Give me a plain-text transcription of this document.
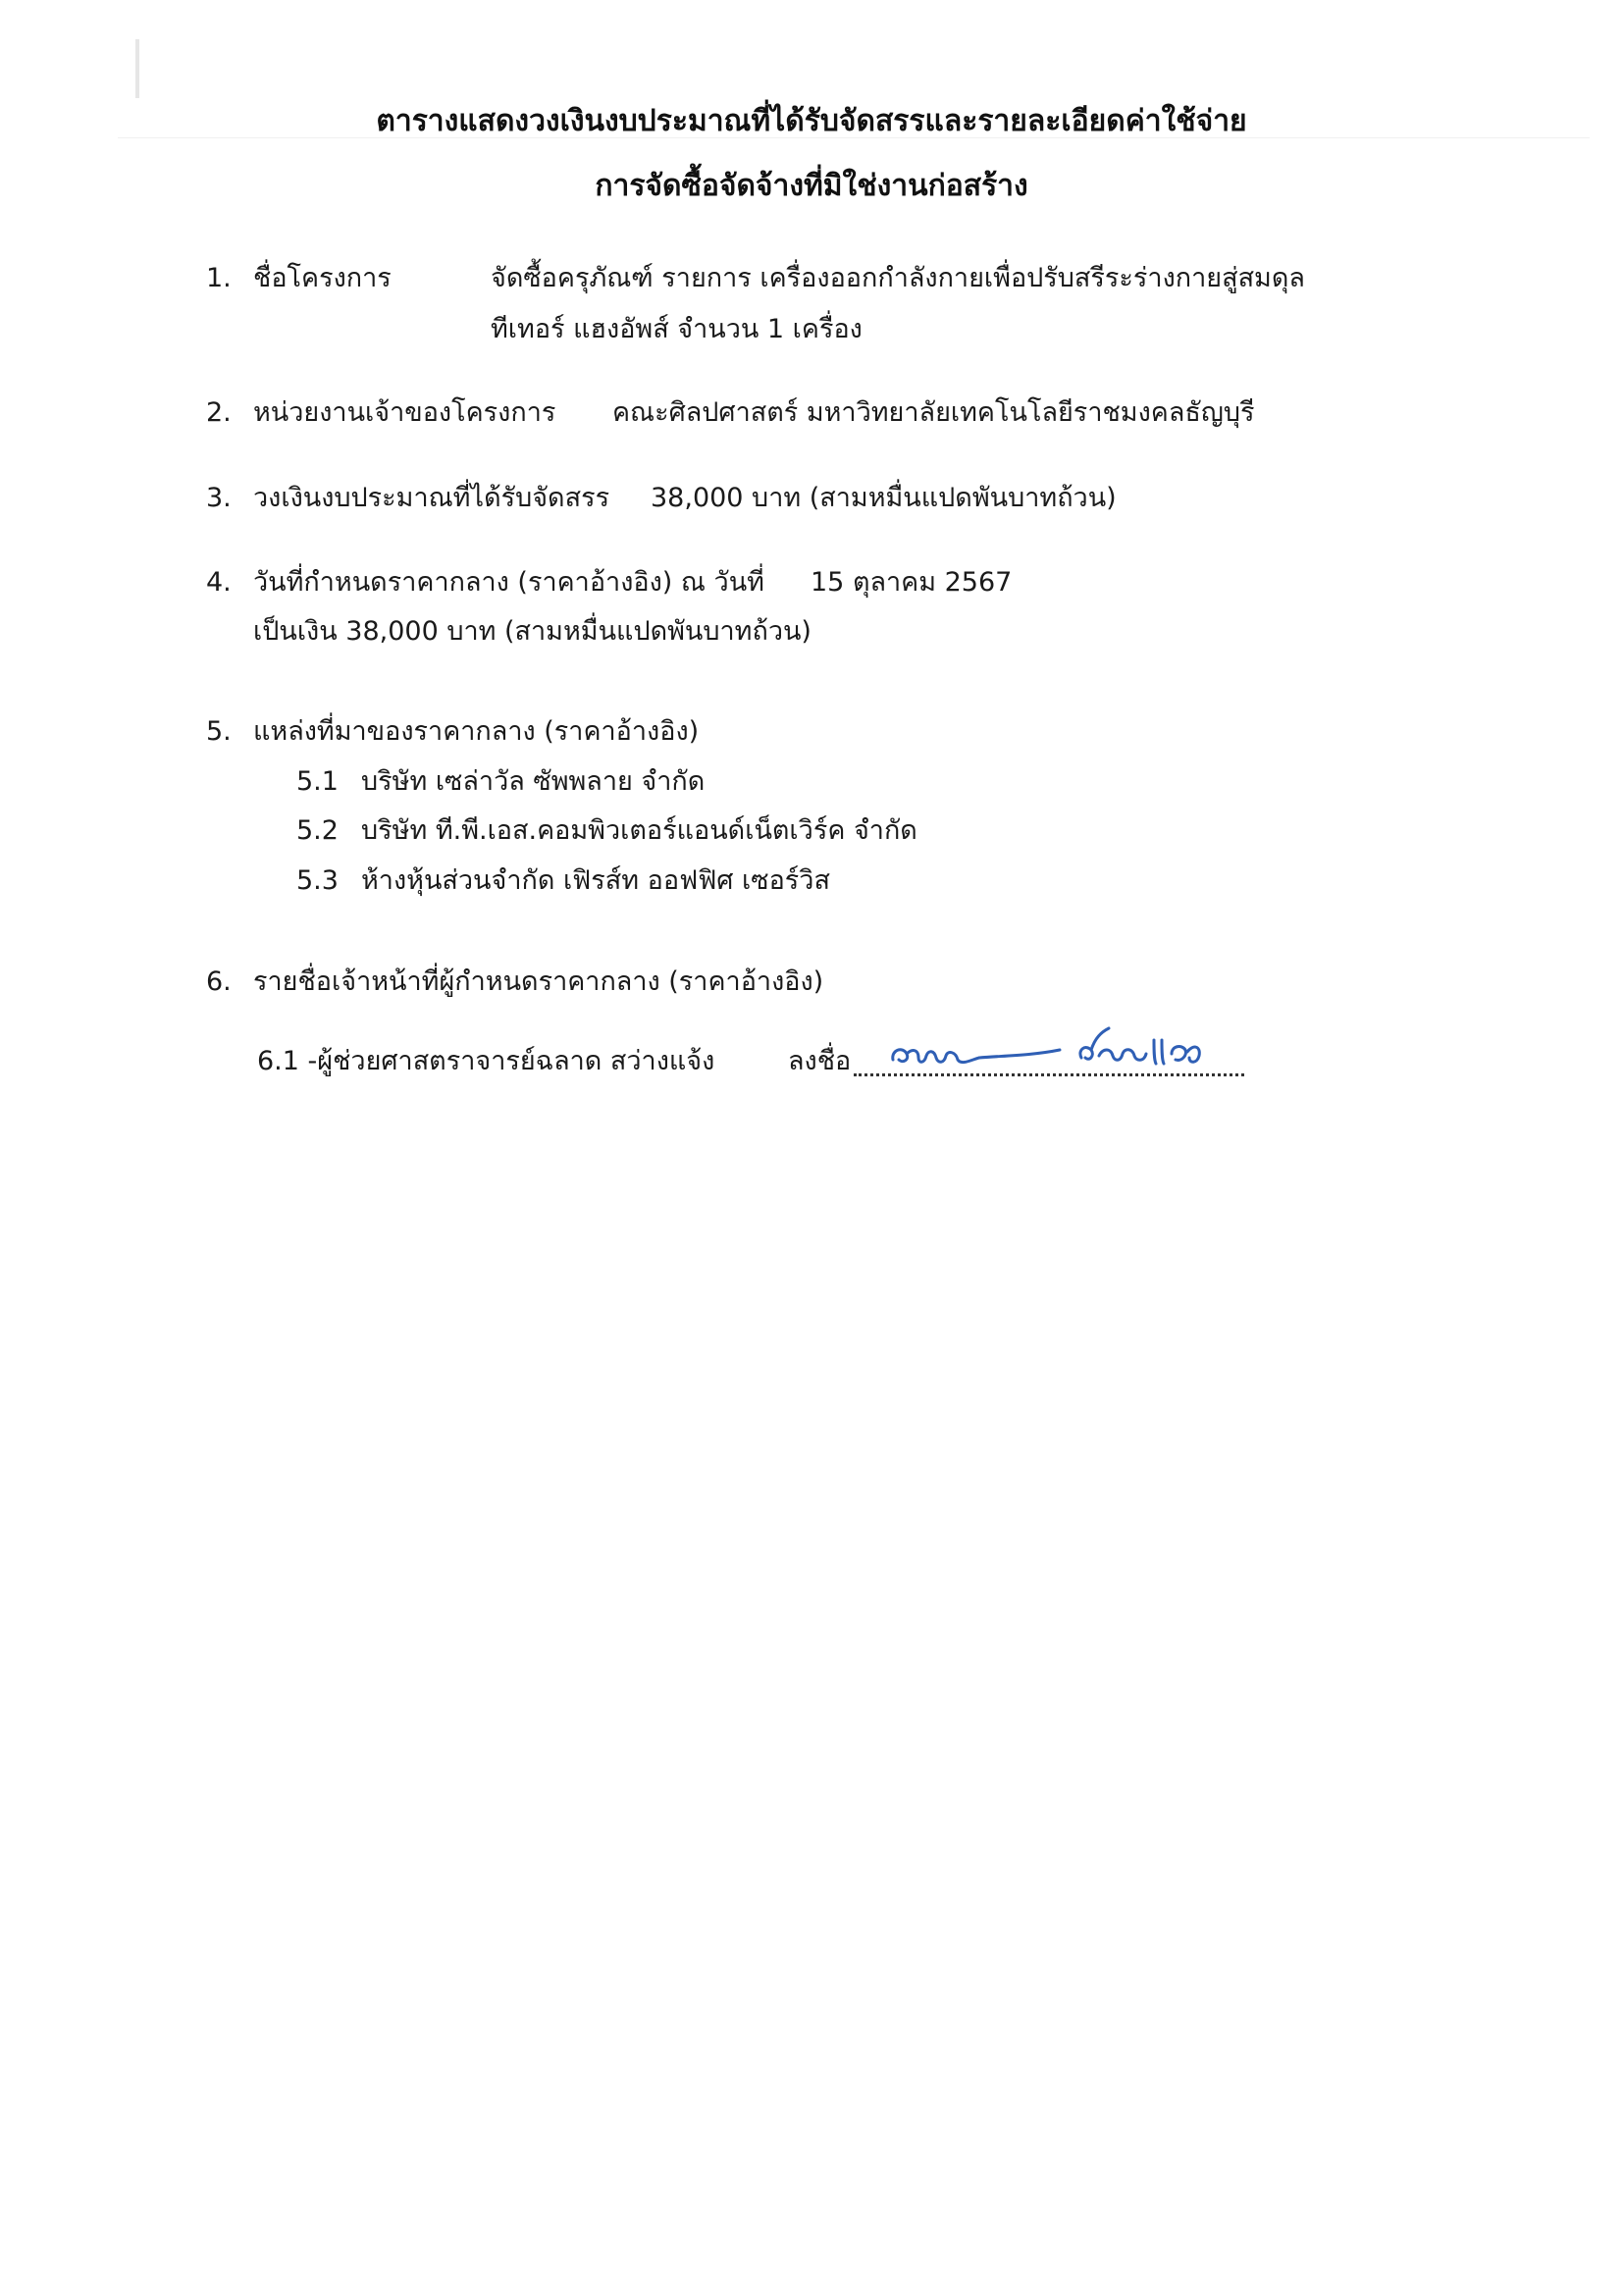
ตารางแสดงวงเงินงบประมาณที่ได้รับจัดสรรและรายละเอียดค่าใช้จ่าย
การจัดซื้อจัดจ้างที่มิใช่งานก่อสร้าง
1. ชื่อโครงการ	จัดซื้อครุภัณฑ์ รายการ เครื่องออกกำลังกายเพื่อปรับสรีระร่างกายสู่สมดุล
ทีเทอร์ แฮงอัพส์ จำนวน 1 เครื่อง
2. หน่วยงานเจ้าของโครงการ คณะศิลปศาสตร์ มหาวิทยาลัยเทคโนโลยีราชมงคลธัญบุรี
3. วงเงินงบประมาณที่ได้รับจัดสรร 38,000 บาท (สามหมื่นแปดพันบาทถ้วน)
4. วันที่กำหนดราคากลาง (ราคาอ้างอิง) ณ วันที่ 15 ตุลาคม 2567
เป็นเงิน 38,000 บาท (สามหมื่นแปดพันบาทถ้วน)
5. แหล่งที่มาของราคากลาง (ราคาอ้างอิง)
5.1 บริษัท เซล่าวัล ซัพพลาย จำกัด
5.2 บริษัท ที.พี.เอส.คอมพิวเตอร์แอนด์เน็ตเวิร์ค จำกัด
5.3 ห้างหุ้นส่วนจำกัด เฟิรส์ท ออฟฟิศ เซอร์วิส
6. รายชื่อเจ้าหน้าที่ผู้กำหนดราคากลาง (ราคาอ้างอิง)
6.1 -ผู้ช่วยศาสตราจารย์ฉลาด สว่างแจ้ง	ลงชื่อ
